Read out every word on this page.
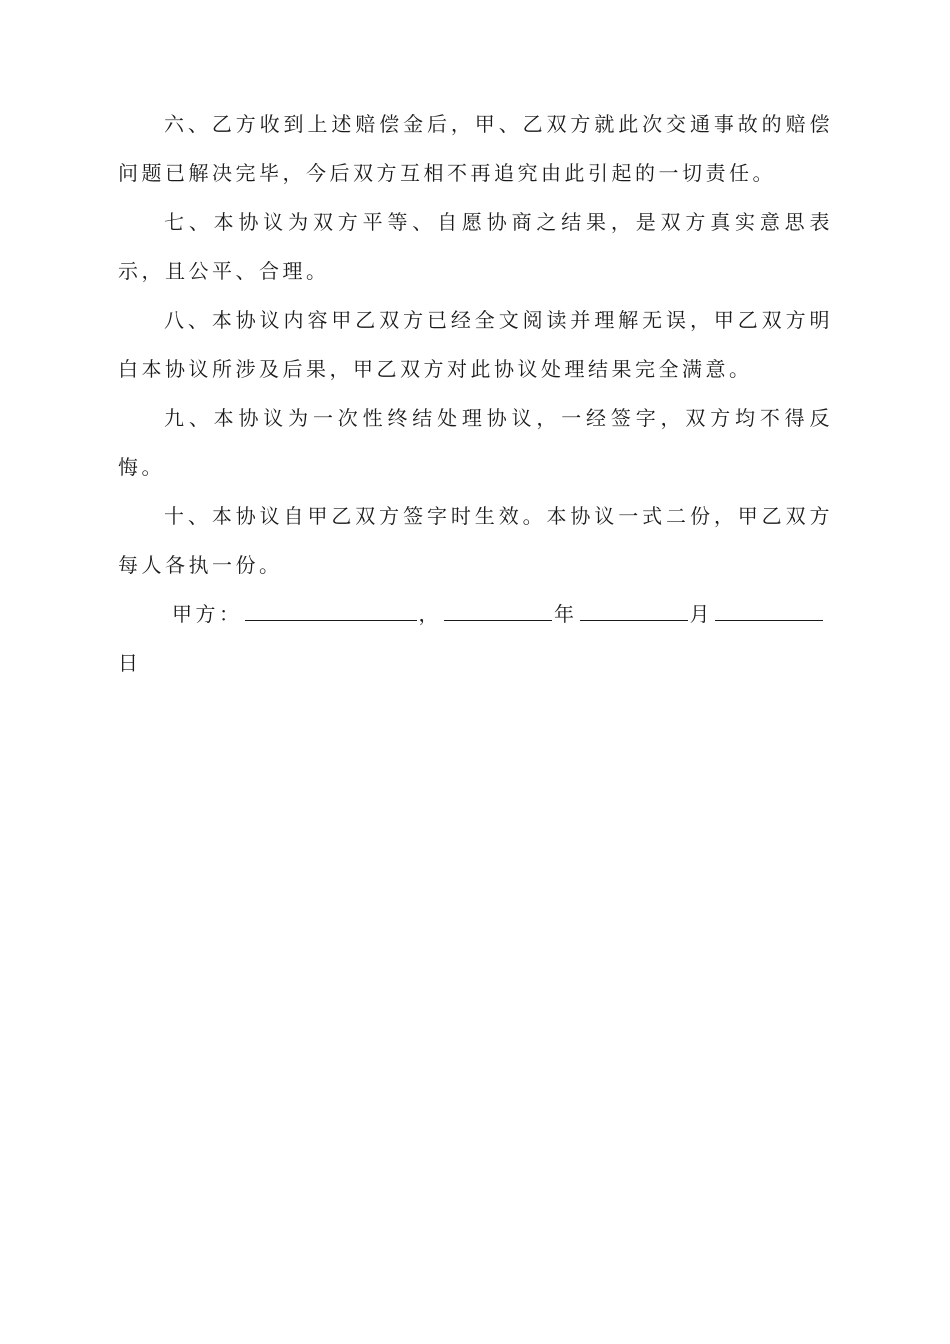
六、乙方收到上述赔偿金后，甲、乙双方就此次交通事故的赔偿问题已解决完毕，今后双方互相不再追究由此引起的一切责任。

七、本协议为双方平等、自愿协商之结果，是双方真实意思表示，且公平、合理。

八、本协议内容甲乙双方已经全文阅读并理解无误，甲乙双方明白本协议所涉及后果，甲乙双方对此协议处理结果完全满意。

九、本协议为一次性终结处理协议，一经签字，双方均不得反悔。

十、本协议自甲乙双方签字时生效。本协议一式二份，甲乙双方每人各执一份。

甲方：	，	年	月

日
